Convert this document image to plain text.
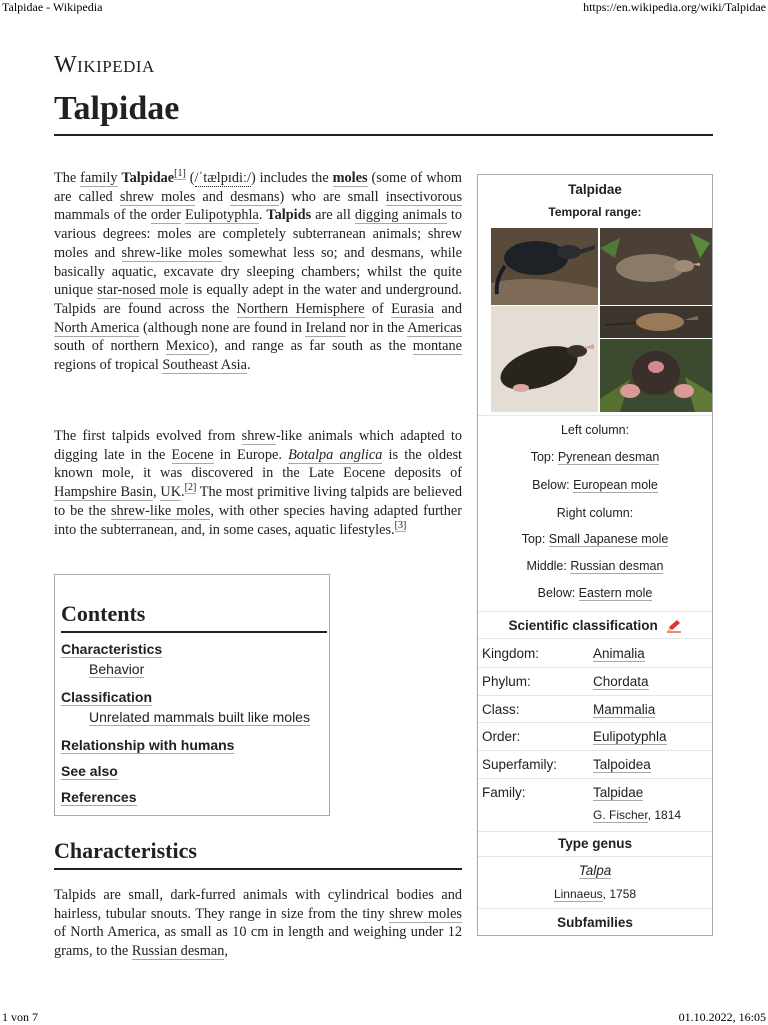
Talpidae - Wikipedia	https://en.wikipedia.org/wiki/Talpidae
1 von 7	01.10.2022, 16:05
Wikipedia
Talpidae

The family Talpidae[1] (/ˈtælpɪdiː/) includes the moles (some of whom are called shrew moles and desmans) who are small insectivorous mammals of the order Eulipotyphla. Talpids are all digging animals to various degrees: moles are completely subterranean animals; shrew moles and shrew-like moles somewhat less so; and desmans, while basically aquatic, excavate dry sleeping chambers; whilst the quite unique star-nosed mole is equally adept in the water and underground. Talpids are found across the Northern Hemisphere of Eurasia and North America (although none are found in Ireland nor in the Americas south of northern Mexico), and range as far south as the montane regions of tropical Southeast Asia.

The first talpids evolved from shrew-like animals which adapted to digging late in the Eocene in Europe. Botalpa anglica is the oldest known mole, it was discovered in the Late Eocene deposits of Hampshire Basin, UK.[2] The most primitive living talpids are believed to be the shrew-like moles, with other species having adapted further into the subterranean, and, in some cases, aquatic lifestyles.[3]

Contents
Characteristics
Behavior
Classification
Unrelated mammals built like moles
Relationship with humans
See also
References
Characteristics

Talpids are small, dark-furred animals with cylindrical bodies and hairless, tubular snouts. They range in size from the tiny shrew moles of North America, as small as 10 cm in length and weighing under 12 grams, to the Russian desman,

Talpidae
Temporal range:
Left column:
Top: Pyrenean desman
Below: European mole
Right column:
Top: Small Japanese mole
Middle: Russian desman
Below: Eastern mole
Scientific classification
Kingdom:	Animalia
Phylum:	Chordata
Class:	Mammalia
Order:	Eulipotyphla
Superfamily:	Talpoidea
Family:	Talpidae
G. Fischer, 1814
Type genus
Talpa
Linnaeus, 1758
Subfamilies
